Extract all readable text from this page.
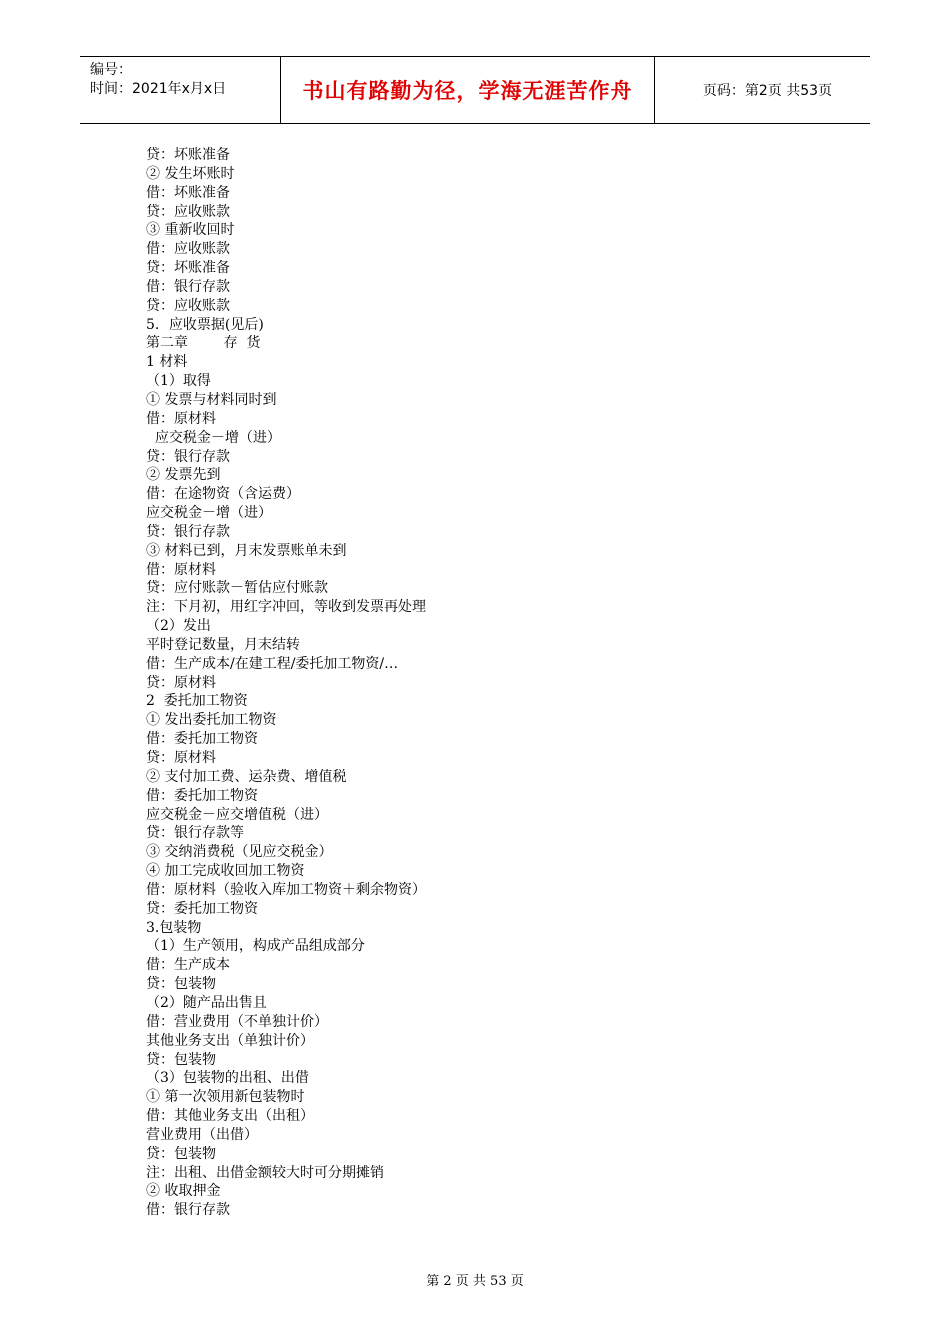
编号：
时间：2021年x月x日	书山有路勤为径，学海无涯苦作舟	页码：第2页 共53页
贷：坏账准备
② 发生坏账时
借：坏账准备
贷：应收账款
③ 重新收回时
借：应收账款
贷：坏账准备
借：银行存款
贷：应收账款
5．应收票据(见后)
第二章        存  货
1 材料
（1）取得
① 发票与材料同时到
借：原材料
应交税金－增（进）
贷：银行存款
② 发票先到
借：在途物资（含运费）
应交税金－增（进）
贷：银行存款
③ 材料已到，月末发票账单未到
借：原材料
贷：应付账款－暂估应付账款
注：下月初，用红字冲回，等收到发票再处理
（2）发出
平时登记数量，月末结转
借：生产成本/在建工程/委托加工物资/…
贷：原材料
2  委托加工物资
① 发出委托加工物资
借：委托加工物资
贷：原材料
② 支付加工费、运杂费、增值税
借：委托加工物资
应交税金－应交增值税（进）
贷：银行存款等
③ 交纳消费税（见应交税金）
④ 加工完成收回加工物资
借：原材料（验收入库加工物资＋剩余物资）
贷：委托加工物资
3.包装物
（1）生产领用，构成产品组成部分
借：生产成本
贷：包装物
（2）随产品出售且
借：营业费用（不单独计价）
其他业务支出（单独计价）
贷：包装物
（3）包装物的出租、出借
① 第一次领用新包装物时
借：其他业务支出（出租）
营业费用（出借）
贷：包装物
注：出租、出借金额较大时可分期摊销
② 收取押金
借：银行存款
第 2 页 共 53 页
